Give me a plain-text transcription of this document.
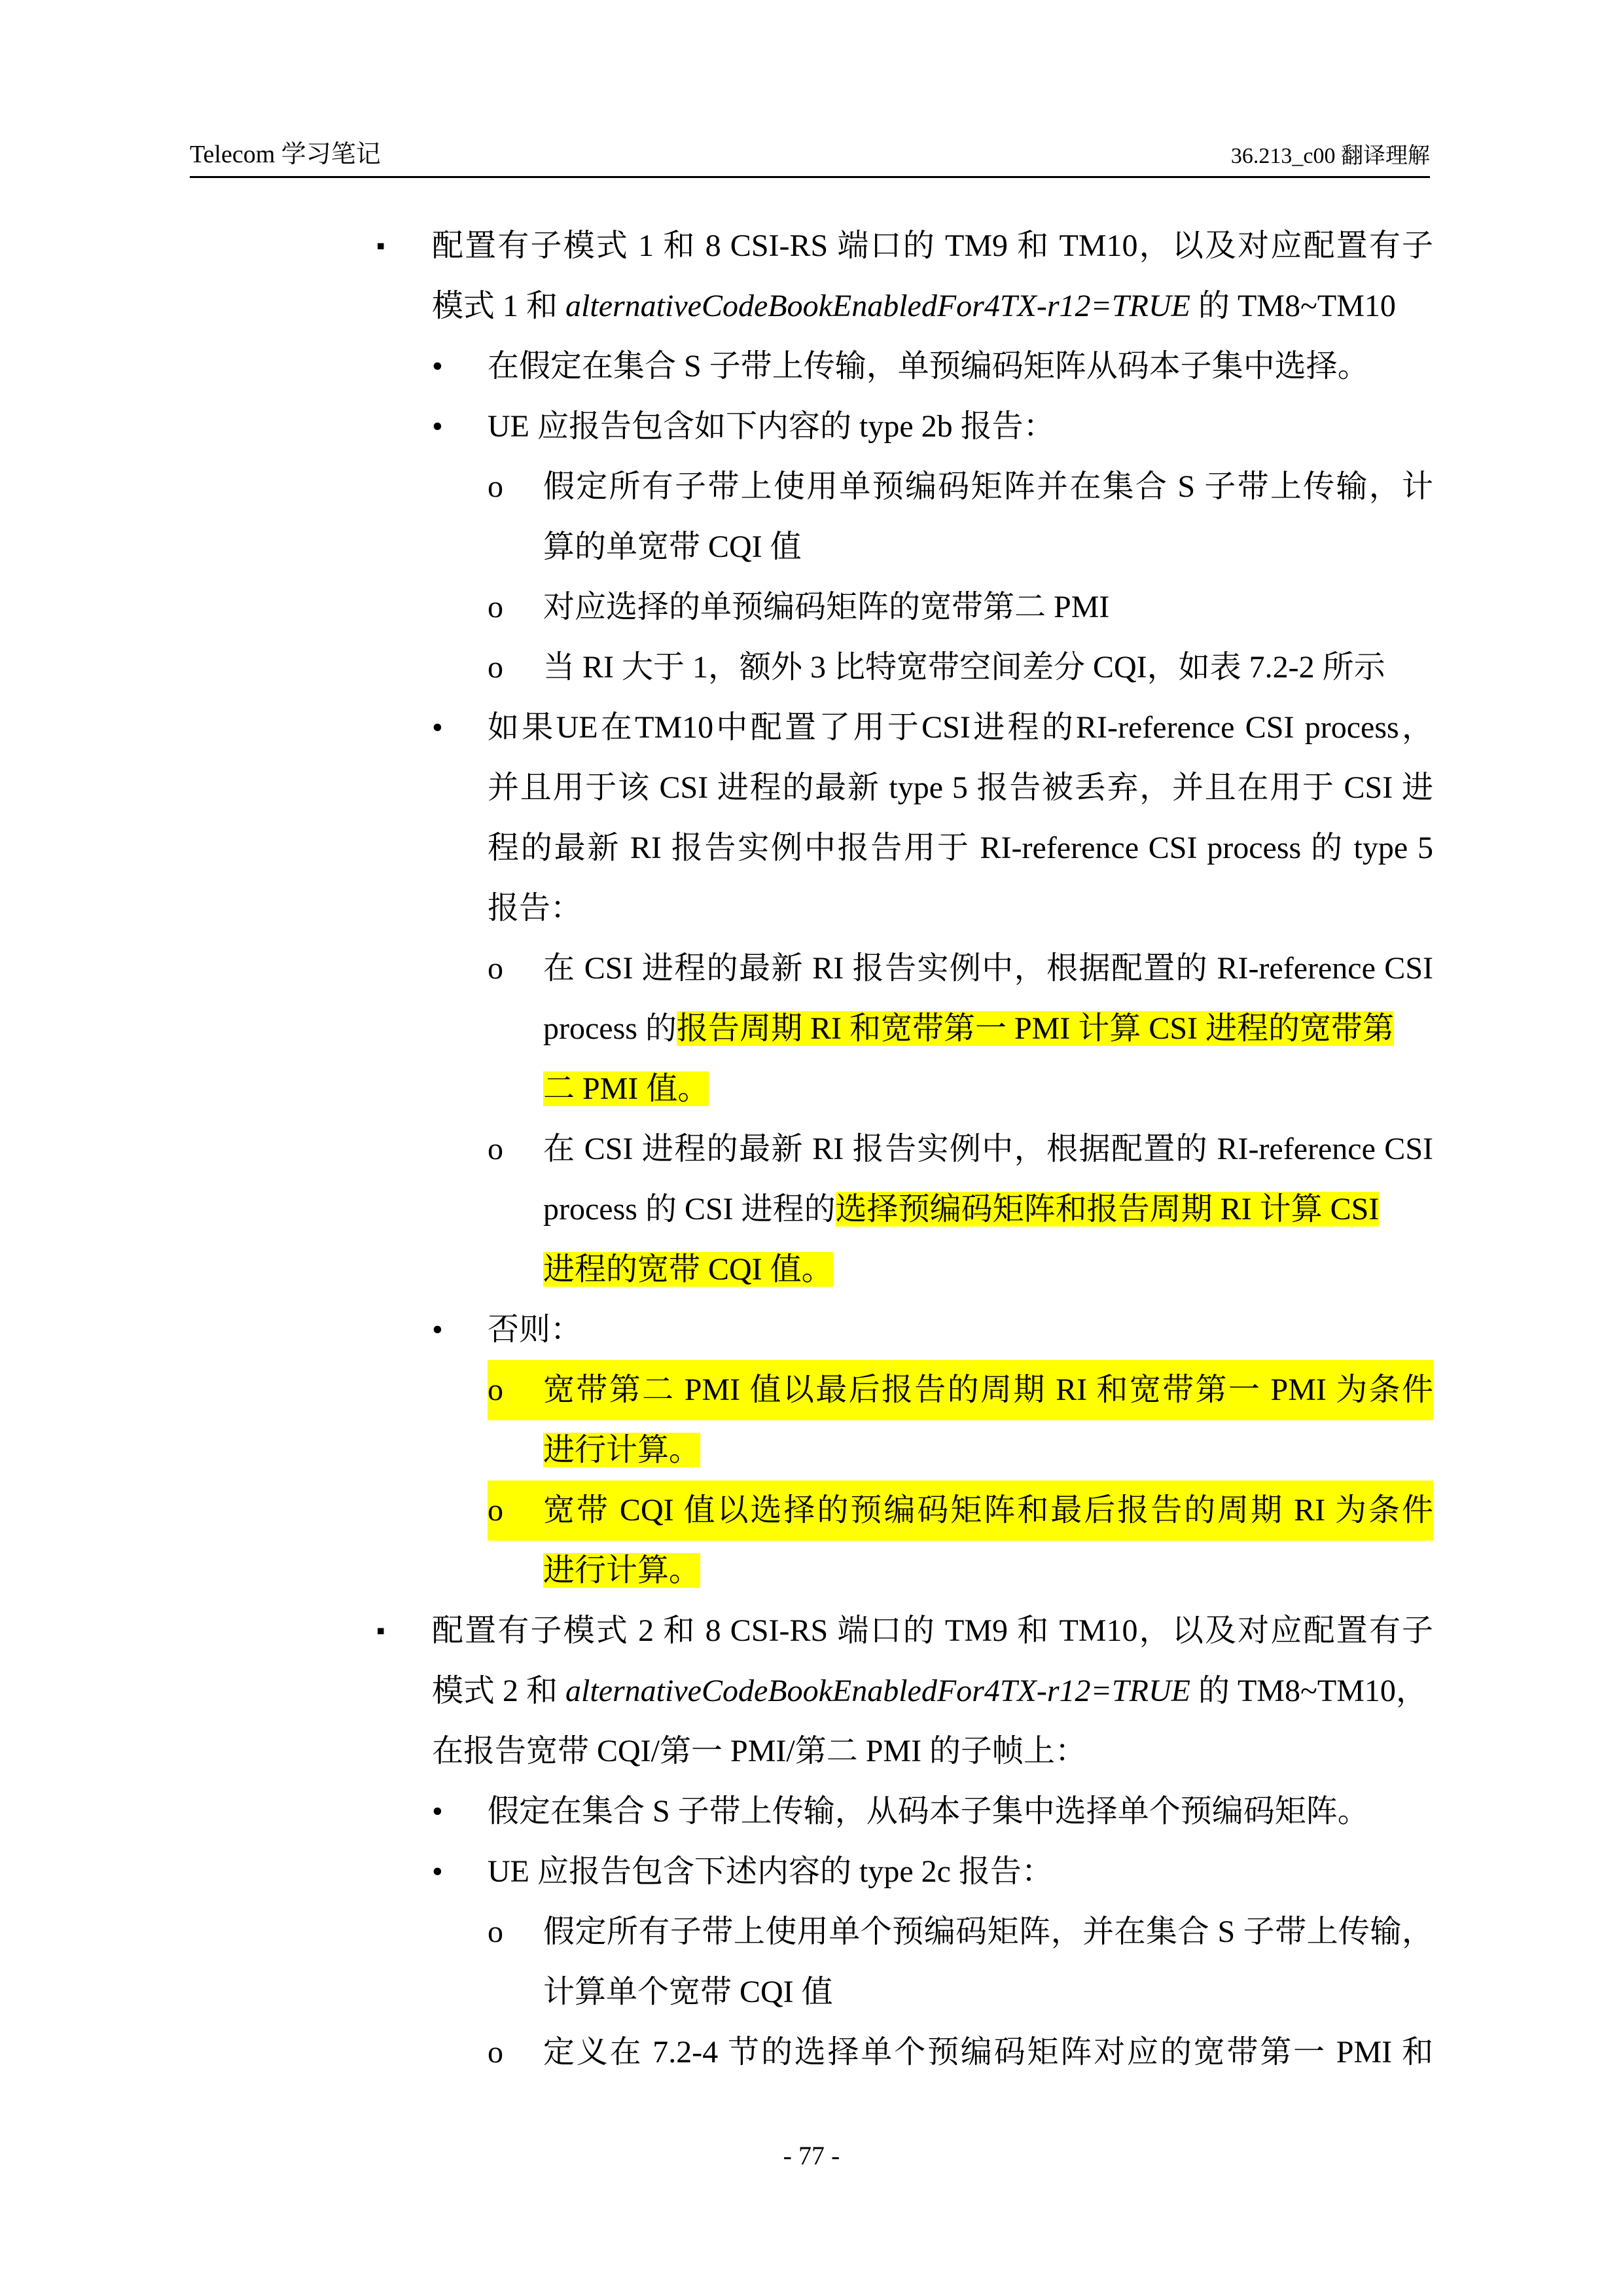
Telecom 学习笔记	36.213_c00 翻译理解
▪ 配置有子模式 1 和 8 CSI-RS 端口的 TM9 和 TM10，以及对应配置有子
模式 1 和 alternativeCodeBookEnabledFor4TX-r12=TRUE 的 TM8~TM10
• 在假定在集合 S 子带上传输，单预编码矩阵从码本子集中选择。
• UE 应报告包含如下内容的 type 2b 报告：
o 假定所有子带上使用单预编码矩阵并在集合 S 子带上传输，计
算的单宽带 CQI 值
o 对应选择的单预编码矩阵的宽带第二 PMI
o 当 RI 大于 1，额外 3 比特宽带空间差分 CQI，如表 7.2-2 所示
• 如果UE在TM10中配置了用于CSI进程的RI-reference CSI process，
并且用于该 CSI 进程的最新 type 5 报告被丢弃，并且在用于 CSI 进
程的最新 RI 报告实例中报告用于 RI-reference CSI process 的 type 5
报告：
o 在 CSI 进程的最新 RI 报告实例中，根据配置的 RI-reference CSI
process 的报告周期 RI 和宽带第一 PMI 计算 CSI 进程的宽带第
二 PMI 值。
o 在 CSI 进程的最新 RI 报告实例中，根据配置的 RI-reference CSI
process 的 CSI 进程的选择预编码矩阵和报告周期 RI 计算 CSI
进程的宽带 CQI 值。
• 否则：
o	宽带第二 PMI 值以最后报告的周期 RI 和宽带第一 PMI 为条件
进行计算。
o	宽带 CQI 值以选择的预编码矩阵和最后报告的周期 RI 为条件
进行计算。
▪ 配置有子模式 2 和 8 CSI-RS 端口的 TM9 和 TM10，以及对应配置有子
模式 2 和 alternativeCodeBookEnabledFor4TX-r12=TRUE 的 TM8~TM10，
在报告宽带 CQI/第一 PMI/第二 PMI 的子帧上：
• 假定在集合 S 子带上传输，从码本子集中选择单个预编码矩阵。
• UE 应报告包含下述内容的 type 2c 报告：
o 假定所有子带上使用单个预编码矩阵，并在集合 S 子带上传输，
计算单个宽带 CQI 值
o 定义在 7.2-4 节的选择单个预编码矩阵对应的宽带第一 PMI 和
- 77 -
